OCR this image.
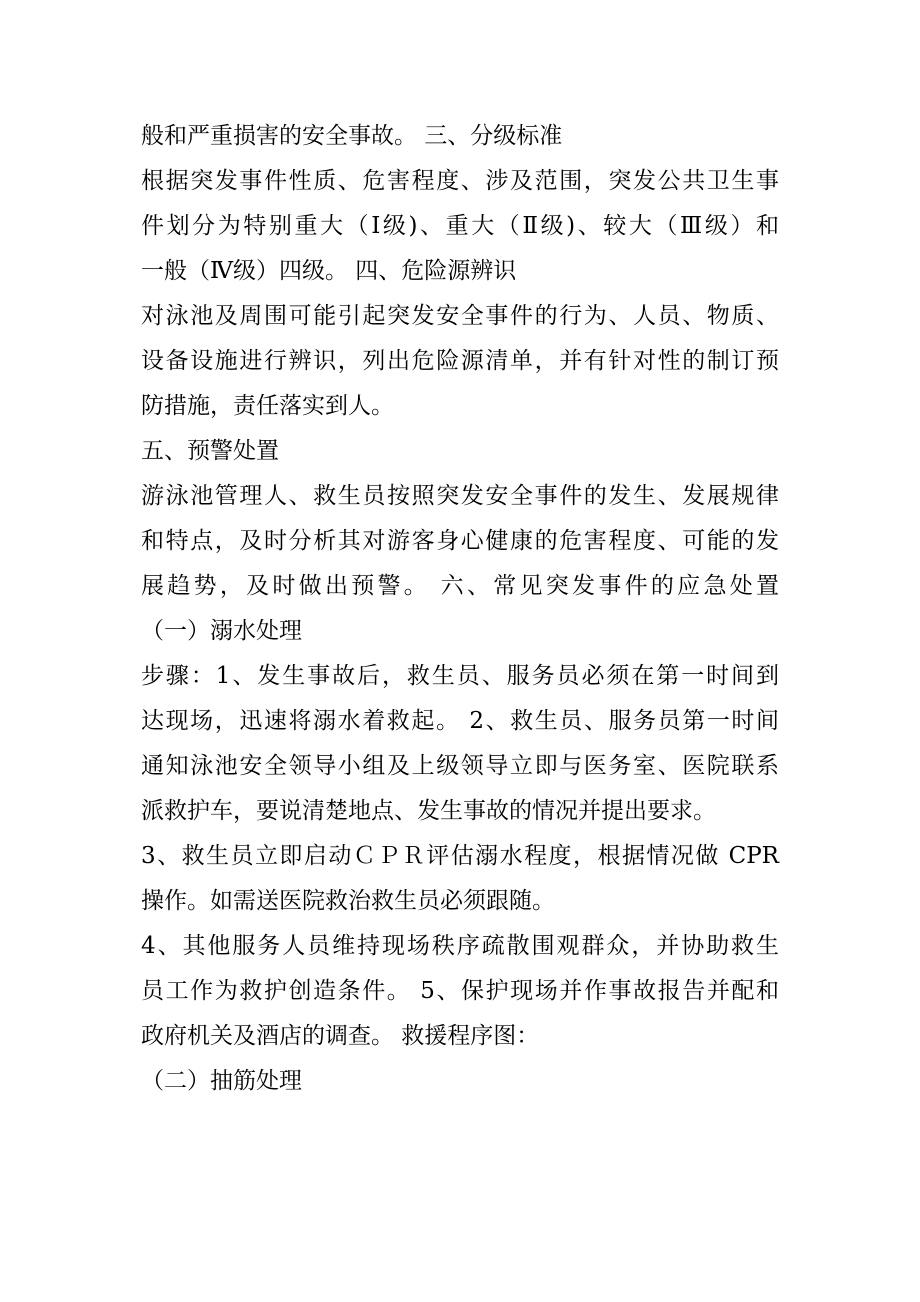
般和严重损害的安全事故。 三、分级标准
根据突发事件性质、危害程度、涉及范围，突发公共卫生事
件划分为特别重大（Ⅰ级)、重大（Ⅱ级)、较大（Ⅲ级）和
一般（Ⅳ级）四级。 四、危险源辨识
对泳池及周围可能引起突发安全事件的行为、人员、物质、
设备设施进行辨识，列出危险源清单，并有针对性的制订预
防措施，责任落实到人。
五、预警处置
游泳池管理人、救生员按照突发安全事件的发生、发展规律
和特点，及时分析其对游客身心健康的危害程度、可能的发
展趋势，及时做出预警。 六、常见突发事件的应急处置
（一）溺水处理
步骤：1、发生事故后，救生员、服务员必须在第一时间到
达现场，迅速将溺水着救起。 2、救生员、服务员第一时间
通知泳池安全领导小组及上级领导立即与医务室、医院联系
派救护车，要说清楚地点、发生事故的情况并提出要求。
3、救生员立即启动ＣＰＲ评估溺水程度，根据情况做 CPR
操作。如需送医院救治救生员必须跟随。
4、其他服务人员维持现场秩序疏散围观群众，并协助救生
员工作为救护创造条件。 5、保护现场并作事故报告并配和
政府机关及酒店的调查。 救援程序图：
（二）抽筋处理
